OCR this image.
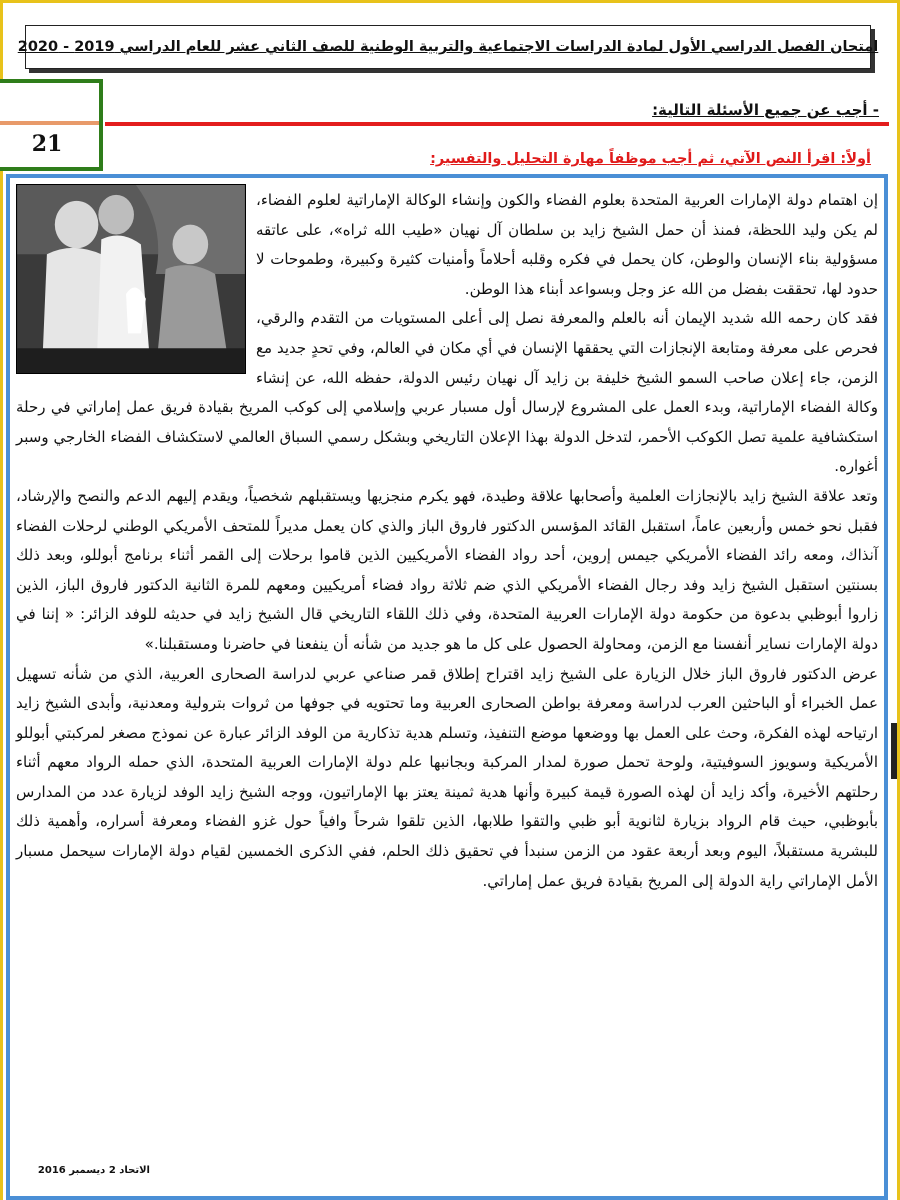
امتحان الفصل الدراسي الأول لمادة الدراسات الاجتماعية والتربية الوطنية للصف الثاني عشر للعام الدراسي 2019 - 2020
21
- أجب عن جميع الأسئلة التالية:
أولاً: اقرأ النص الآتي، ثم أجب موظفاً مهارة التحليل والتفسير:

إن اهتمام دولة الإمارات العربية المتحدة بعلوم الفضاء والكون وإنشاء الوكالة الإماراتية لعلوم الفضاء، لم يكن وليد اللحظة، فمنذ أن حمل الشيخ زايد بن سلطان آل نهيان «طيب الله ثراه»، على عاتقه مسؤولية بناء الإنسان والوطن، كان يحمل في فكره وقلبه أحلاماً وأمنيات كثيرة وكبيرة، وطموحات لا حدود لها، تحققت بفضل من الله عز وجل وبسواعد أبناء هذا الوطن.

فقد كان رحمه الله شديد الإيمان أنه بالعلم والمعرفة نصل إلى أعلى المستويات من التقدم والرقي، فحرص على معرفة ومتابعة الإنجازات التي يحققها الإنسان في أي مكان في العالم، وفي تحدٍ جديد مع الزمن، جاء إعلان صاحب السمو الشيخ خليفة بن زايد آل نهيان رئيس الدولة، حفظه الله، عن إنشاء وكالة الفضاء الإماراتية، وبدء العمل على المشروع لإرسال أول مسبار عربي وإسلامي إلى كوكب المريخ بقيادة فريق عمل إماراتي في رحلة استكشافية علمية تصل الكوكب الأحمر، لتدخل الدولة بهذا الإعلان التاريخي وبشكل رسمي السباق العالمي لاستكشاف الفضاء الخارجي وسبر أغواره.

وتعد علاقة الشيخ زايد بالإنجازات العلمية وأصحابها علاقة وطيدة، فهو يكرم منجزيها ويستقبلهم شخصياً، ويقدم إليهم الدعم والنصح والإرشاد، فقبل نحو خمس وأربعين عاماً، استقبل القائد المؤسس الدكتور فاروق الباز والذي كان يعمل مديراً للمتحف الأمريكي الوطني لرحلات الفضاء آنذاك، ومعه رائد الفضاء الأمريكي جيمس إروين، أحد رواد الفضاء الأمريكيين الذين قاموا برحلات إلى القمر أثناء برنامج أبوللو، وبعد ذلك بسنتين استقبل الشيخ زايد وفد رجال الفضاء الأمريكي الذي ضم ثلاثة رواد فضاء أمريكيين ومعهم للمرة الثانية الدكتور فاروق الباز، الذين زاروا أبوظبي بدعوة من حكومة دولة الإمارات العربية المتحدة، وفي ذلك اللقاء التاريخي قال الشيخ زايد في حديثه للوفد الزائر: « إننا في دولة الإمارات نساير أنفسنا مع الزمن، ومحاولة الحصول على كل ما هو جديد من شأنه أن ينفعنا في حاضرنا ومستقبلنا.»

عرض الدكتور فاروق الباز خلال الزيارة على الشيخ زايد اقتراح إطلاق قمر صناعي عربي لدراسة الصحارى العربية، الذي من شأنه تسهيل عمل الخبراء أو الباحثين العرب لدراسة ومعرفة بواطن الصحارى العربية وما تحتويه في جوفها من ثروات بترولية ومعدنية، وأبدى الشيخ زايد ارتياحه لهذه الفكرة، وحث على العمل بها ووضعها موضع التنفيذ، وتسلم هدية تذكارية من الوفد الزائر عبارة عن نموذج مصغر لمركبتي أبوللو الأمريكية وسويوز السوفيتية، ولوحة تحمل صورة لمدار المركبة وبجانبها علم دولة الإمارات العربية المتحدة، الذي حمله الرواد معهم أثناء رحلتهم الأخيرة، وأكد زايد أن لهذه الصورة قيمة كبيرة وأنها هدية ثمينة يعتز بها الإماراتيون، ووجه الشيخ زايد الوفد لزيارة عدد من المدارس بأبوظبي، حيث قام الرواد بزيارة لثانوية أبو ظبي والتقوا طلابها، الذين تلقوا شرحاً وافياً حول غزو الفضاء ومعرفة أسراره، وأهمية ذلك للبشرية مستقبلاً، اليوم وبعد أربعة عقود من الزمن سنبدأ في تحقيق ذلك الحلم، ففي الذكرى الخمسين لقيام دولة الإمارات سيحمل مسبار الأمل الإماراتي راية الدولة إلى المريخ بقيادة فريق عمل إماراتي.

الاتحاد 2 ديسمبر 2016
